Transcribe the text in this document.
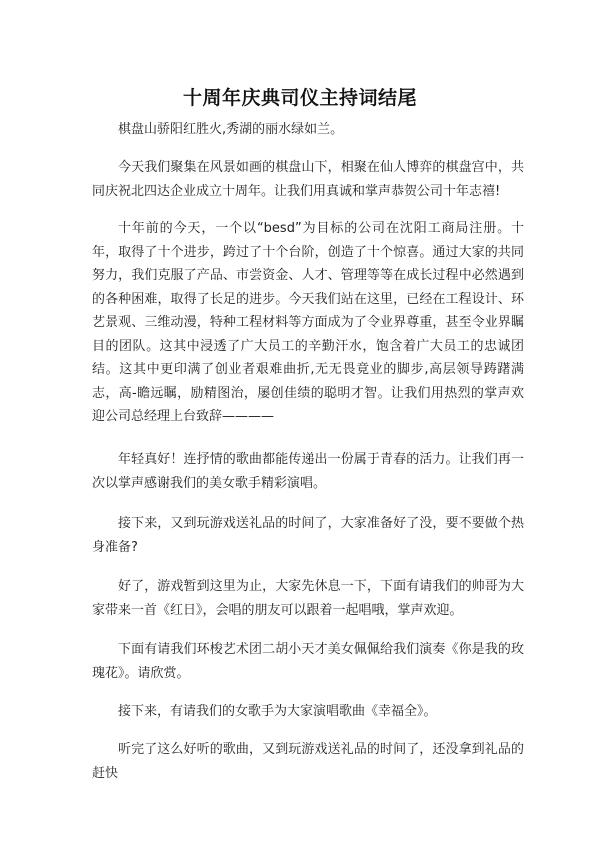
十周年庆典司仪主持词结尾

棋盘山骄阳红胜火,秀湖的丽水绿如兰。

今天我们聚集在风景如画的棋盘山下，相聚在仙人博弈的棋盘宫中，共同庆祝北四达企业成立十周年。让我们用真诚和掌声恭贺公司十年志禧!

十年前的今天，一个以“besd”为目标的公司在沈阳工商局注册。十年，取得了十个进步，跨过了十个台阶，创造了十个惊喜。通过大家的共同努力，我们克服了产品、市尝资金、人才、管理等等在成长过程中必然遇到的各种困难，取得了长足的进步。今天我们站在这里，已经在工程设计、环艺景观、三维动漫，特种工程材料等方面成为了令业界尊重，甚至令业界瞩目的团队。这其中浸透了广大员工的辛勤汗水，饱含着广大员工的忠诚团结。这其中更印满了创业者艰难曲折,无无畏竟业的脚步,高层领导踌躇满志，高-瞻远瞩，励精图治，屡创佳绩的聪明才智。让我们用热烈的掌声欢迎公司总经理上台致辞————

年轻真好！连抒情的歌曲都能传递出一份属于青春的活力。让我们再一次以掌声感谢我们的美女歌手精彩演唱。

接下来，又到玩游戏送礼品的时间了，大家准备好了没，要不要做个热身准备?

好了，游戏暂到这里为止，大家先休息一下，下面有请我们的帅哥为大家带来一首《红日》，会唱的朋友可以跟着一起唱哦，掌声欢迎。

下面有请我们环梭艺术团二胡小天才美女佩佩给我们演奏《你是我的玫瑰花》。请欣赏。

接下来，有请我们的女歌手为大家演唱歌曲《幸福全》。

听完了这么好听的歌曲，又到玩游戏送礼品的时间了，还没拿到礼品的赶快
